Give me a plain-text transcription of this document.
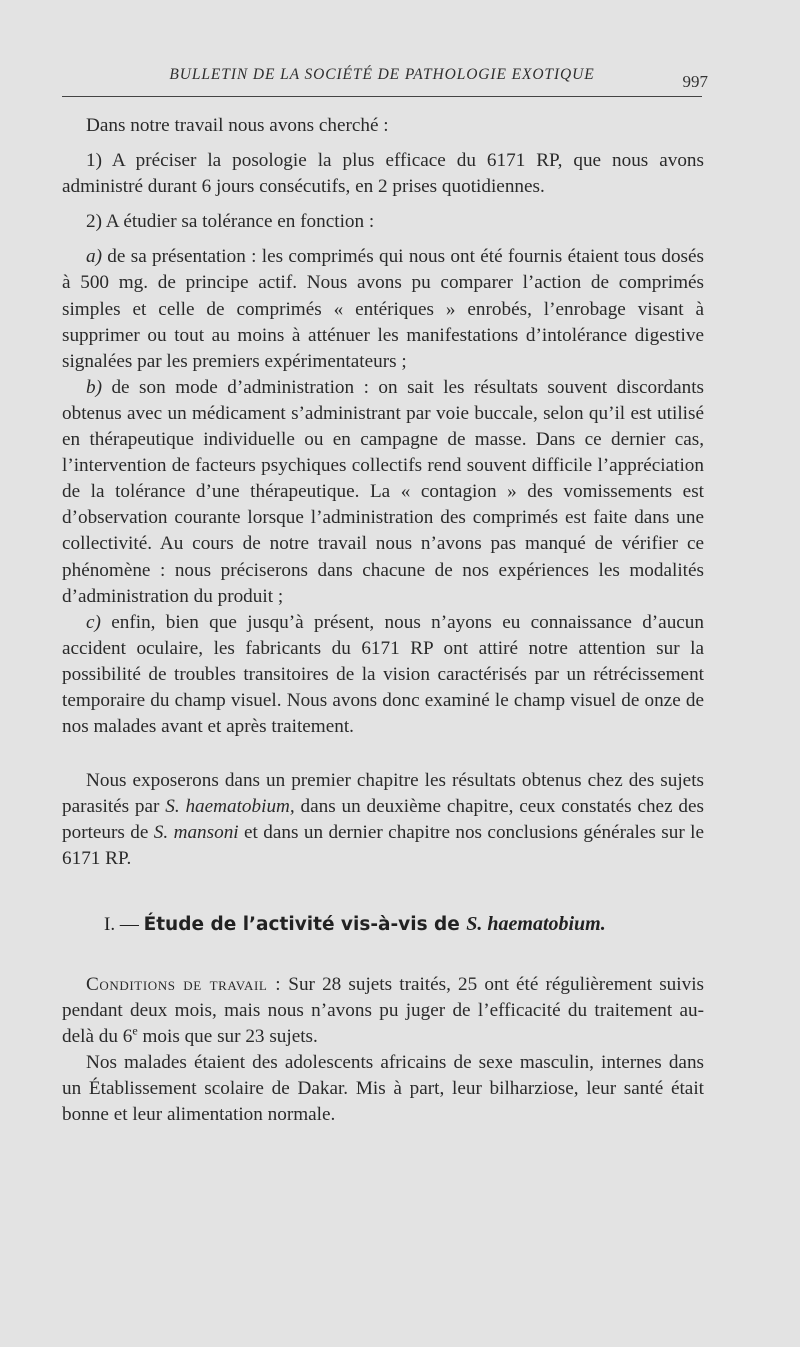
BULLETIN DE LA SOCIÉTÉ DE PATHOLOGIE EXOTIQUE	997

Dans notre travail nous avons cherché :

1) A préciser la posologie la plus efficace du 6171 RP, que nous avons administré durant 6 jours consécutifs, en 2 prises quotidiennes.

2) A étudier sa tolérance en fonction :

a) de sa présentation : les comprimés qui nous ont été fournis étaient tous dosés à 500 mg. de principe actif. Nous avons pu comparer l’action de comprimés simples et celle de comprimés « entériques » enrobés, l’enrobage visant à supprimer ou tout au moins à atténuer les manifestations d’intolérance digestive signalées par les premiers expérimentateurs ;

b) de son mode d’administration : on sait les résultats souvent discordants obtenus avec un médicament s’administrant par voie buccale, selon qu’il est utilisé en thérapeutique individuelle ou en campagne de masse. Dans ce dernier cas, l’intervention de facteurs psychiques collectifs rend souvent difficile l’appréciation de la tolérance d’une thérapeutique. La « contagion » des vomissements est d’observation courante lorsque l’administration des comprimés est faite dans une collectivité. Au cours de notre travail nous n’avons pas manqué de vérifier ce phénomène : nous préciserons dans chacune de nos expériences les modalités d’administration du produit ;

c) enfin, bien que jusqu’à présent, nous n’ayons eu connaissance d’aucun accident oculaire, les fabricants du 6171 RP ont attiré notre attention sur la possibilité de troubles transitoires de la vision caractérisés par un rétrécissement temporaire du champ visuel. Nous avons donc examiné le champ visuel de onze de nos malades avant et après traitement.

Nous exposerons dans un premier chapitre les résultats obtenus chez des sujets parasités par S. haematobium, dans un deuxième chapitre, ceux constatés chez des porteurs de S. mansoni et dans un dernier chapitre nos conclusions générales sur le 6171 RP.

I. — Étude de l’activité vis-à-vis de S. haematobium.

Conditions de travail : Sur 28 sujets traités, 25 ont été régulièrement suivis pendant deux mois, mais nous n’avons pu juger de l’efficacité du traitement au-delà du 6e mois que sur 23 sujets.

Nos malades étaient des adolescents africains de sexe masculin, internes dans un Établissement scolaire de Dakar. Mis à part, leur bilharziose, leur santé était bonne et leur alimentation normale.
